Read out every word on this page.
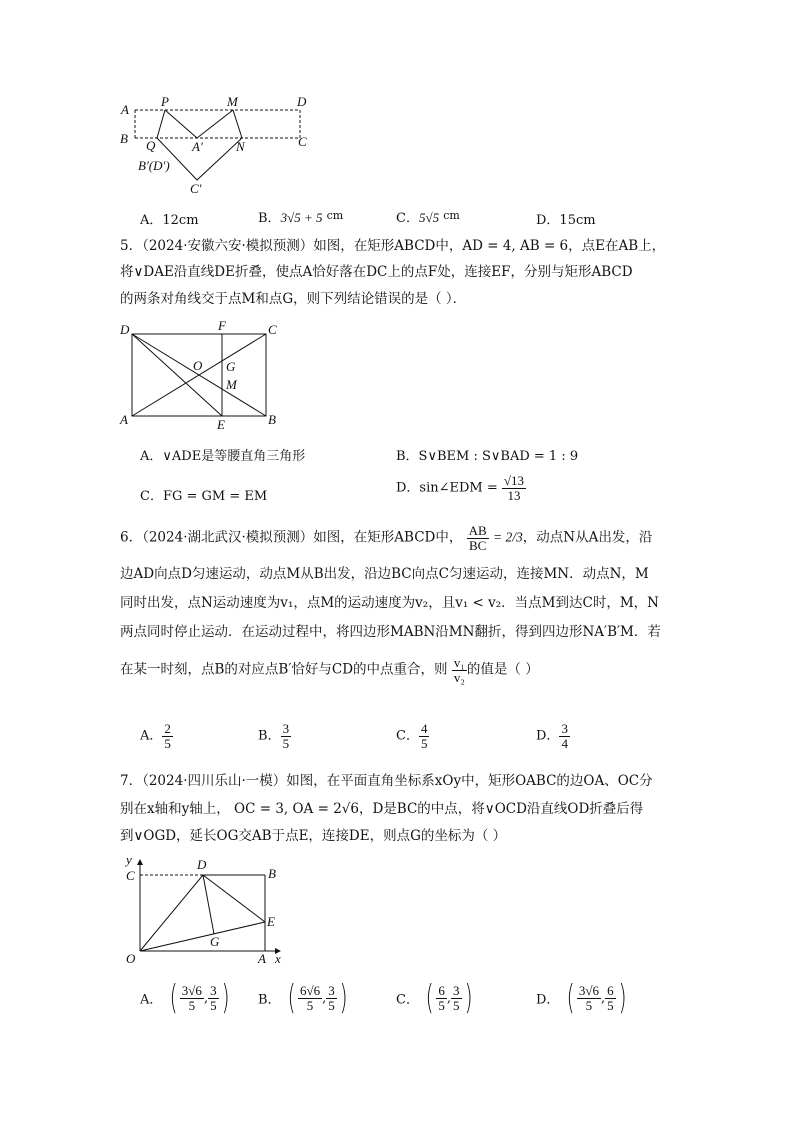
A
P	M	D
B Q	A′	N	C
B′(D′)
C′
A．12cm	B．3√5 + 5 $^{cm}$	C．5√5 $^{cm}$	D．15cm
5．（2024·安徽六安·模拟预测）如图，在矩形ABCD中，AD = 4, AB = 6，点E在AB上，
将∨DAE沿直线DE折叠，使点A恰好落在DC上的点F处，连接EF，分别与矩形ABCD
的两条对角线交于点M和点G，则下列结论错误的是（ ）．
D	F	C
O G
M
A	E	B
A．∨ADE是等腰直角三角形	B．S∨BEM : S∨BAD = 1 : 9
C．FG = GM = EM
D．sin∠EDM = $\frac{√13}{13}$
6．（2024·湖北武汉·模拟预测）如图，在矩形ABCD中， $\frac{AB}{BC} = 2/3$，动点N从A出发，沿
边AD向点D匀速运动，动点M从B出发，沿边BC向点C匀速运动，连接MN．动点N，M
同时出发，点N运动速度为v₁，点M的运动速度为v₂，且v₁ < v₂．当点M到达C时，M，N
两点同时停止运动．在运动过程中，将四边形MABN沿MN翻折，得到四边形NA′B′M．若
在某一时刻，点B的对应点B′恰好与CD的中点重合，则 $\frac{\text{v₁}}{\text{v₂}}$ 的值是（ ）
A． $\frac{2}{5}$	B． $\frac{3}{5}$	C． $\frac{4}{5}$	D． $\frac{3}{4}$
7．（2024·四川乐山·一模）如图，在平面直角坐标系xOy中，矩形OABC的边OA、OC分
别在x轴和y轴上， OC = 3, OA = 2√6，D是BC的中点，将∨OCD沿直线OD折叠后得
到∨OGD，延长OG交AB于点E，连接DE，则点G的坐标为（ ）
y
C
D
B
E
G
O	A x
A． ( $\frac{3√6}{5}$ , $\frac{3}{5}$ ) B． ( $\frac{6√6}{5}$ , $\frac{3}{5}$ )	C． ( $\frac{6}{5}$ , $\frac{3}{5}$ )	D． ( $\frac{3√6}{5}$ , $\frac{6}{5}$ )
